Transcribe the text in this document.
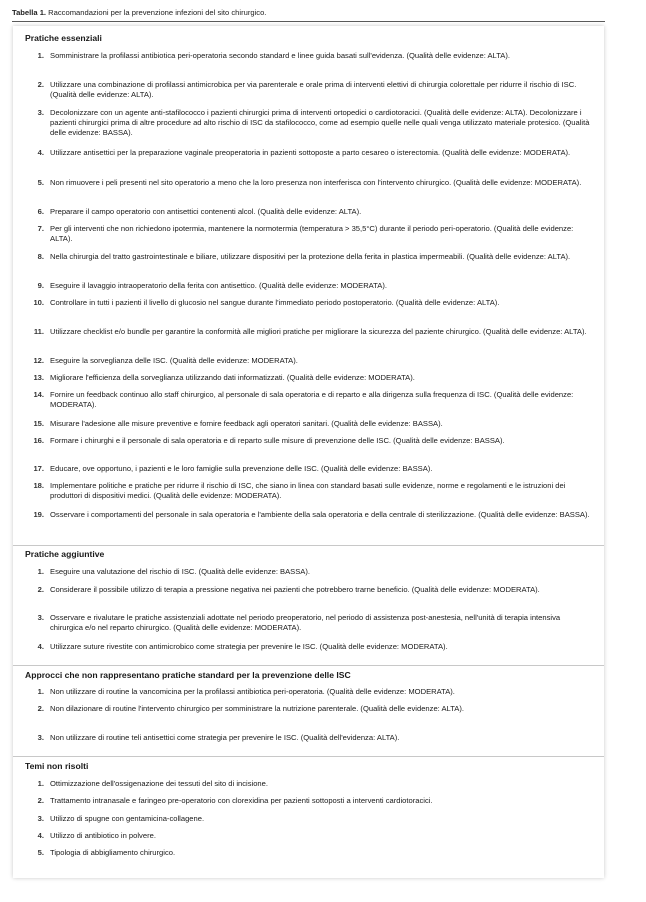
Tabella 1. Raccomandazioni per la prevenzione infezioni del sito chirurgico.
Pratiche essenziali
1. Somministrare la profilassi antibiotica peri-operatoria secondo standard e linee guida basati sull'evidenza. (Qualità delle evidenze: ALTA).
2. Utilizzare una combinazione di profilassi antimicrobica per via parenterale e orale prima di interventi elettivi di chirurgia colorettale per ridurre il rischio di ISC. (Qualità delle evidenze: ALTA).
3. Decolonizzare con un agente anti-stafilococco i pazienti chirurgici prima di interventi ortopedici o cardiotoracici. (Qualità delle evidenze: ALTA). Decolonizzare i pazienti chirurgici prima di altre procedure ad alto rischio di ISC da stafilococco, come ad esempio quelle nelle quali venga utilizzato materiale protesico. (Qualità delle evidenze: BASSA).
4. Utilizzare antisettici per la preparazione vaginale preoperatoria in pazienti sottoposte a parto cesareo o isterectomia. (Qualità delle evidenze: MODERATA).
5. Non rimuovere i peli presenti nel sito operatorio a meno che la loro presenza non interferisca con l'intervento chirurgico. (Qualità delle evidenze: MODERATA).
6. Preparare il campo operatorio con antisettici contenenti alcol. (Qualità delle evidenze: ALTA).
7. Per gli interventi che non richiedono ipotermia, mantenere la normotermia (temperatura > 35,5°C) durante il periodo peri-operatorio. (Qualità delle evidenze: ALTA).
8. Nella chirurgia del tratto gastrointestinale e biliare, utilizzare dispositivi per la protezione della ferita in plastica impermeabili. (Qualità delle evidenze: ALTA).
9. Eseguire il lavaggio intraoperatorio della ferita con antisettico. (Qualità delle evidenze: MODERATA).
10. Controllare in tutti i pazienti il livello di glucosio nel sangue durante l'immediato periodo postoperatorio. (Qualità delle evidenze: ALTA).
11. Utilizzare checklist e/o bundle per garantire la conformità alle migliori pratiche per migliorare la sicurezza del paziente chirurgico. (Qualità delle evidenze: ALTA).
12. Eseguire la sorveglianza delle ISC. (Qualità delle evidenze: MODERATA).
13. Migliorare l'efficienza della sorveglianza utilizzando dati informatizzati. (Qualità delle evidenze: MODERATA).
14. Fornire un feedback continuo allo staff chirurgico, al personale di sala operatoria e di reparto e alla dirigenza sulla frequenza di ISC. (Qualità delle evidenze: MODERATA).
15. Misurare l'adesione alle misure preventive e fornire feedback agli operatori sanitari. (Qualità delle evidenze: BASSA).
16. Formare i chirurghi e il personale di sala operatoria e di reparto sulle misure di prevenzione delle ISC. (Qualità delle evidenze: BASSA).
17. Educare, ove opportuno, i pazienti e le loro famiglie sulla prevenzione delle ISC. (Qualità delle evidenze: BASSA).
18. Implementare politiche e pratiche per ridurre il rischio di ISC, che siano in linea con standard basati sulle evidenze, norme e regolamenti e le istruzioni dei produttori di dispositivi medici. (Qualità delle evidenze: MODERATA).
19. Osservare i comportamenti del personale in sala operatoria e l'ambiente della sala operatoria e della centrale di sterilizzazione. (Qualità delle evidenze: BASSA).
Pratiche aggiuntive
1. Eseguire una valutazione del rischio di ISC. (Qualità delle evidenze: BASSA).
2. Considerare il possibile utilizzo di terapia a pressione negativa nei pazienti che potrebbero trarne beneficio. (Qualità delle evidenze: MODERATA).
3. Osservare e rivalutare le pratiche assistenziali adottate nel periodo preoperatorio, nel periodo di assistenza post-anestesia, nell'unità di terapia intensiva chirurgica e/o nel reparto chirurgico. (Qualità delle evidenze: MODERATA).
4. Utilizzare suture rivestite con antimicrobico come strategia per prevenire le ISC. (Qualità delle evidenze: MODERATA).
Approcci che non rappresentano pratiche standard per la prevenzione delle ISC
1. Non utilizzare di routine la vancomicina per la profilassi antibiotica peri-operatoria. (Qualità delle evidenze: MODERATA).
2. Non dilazionare di routine l'intervento chirurgico per somministrare la nutrizione parenterale. (Qualità delle evidenze: ALTA).
3. Non utilizzare di routine teli antisettici come strategia per prevenire le ISC. (Qualità dell'evidenza: ALTA).
Temi non risolti
1. Ottimizzazione dell'ossigenazione dei tessuti del sito di incisione.
2. Trattamento intranasale e faringeo pre-operatorio con clorexidina per pazienti sottoposti a interventi cardiotoracici.
3. Utilizzo di spugne con gentamicina-collagene.
4. Utilizzo di antibiotico in polvere.
5. Tipologia di abbigliamento chirurgico.
